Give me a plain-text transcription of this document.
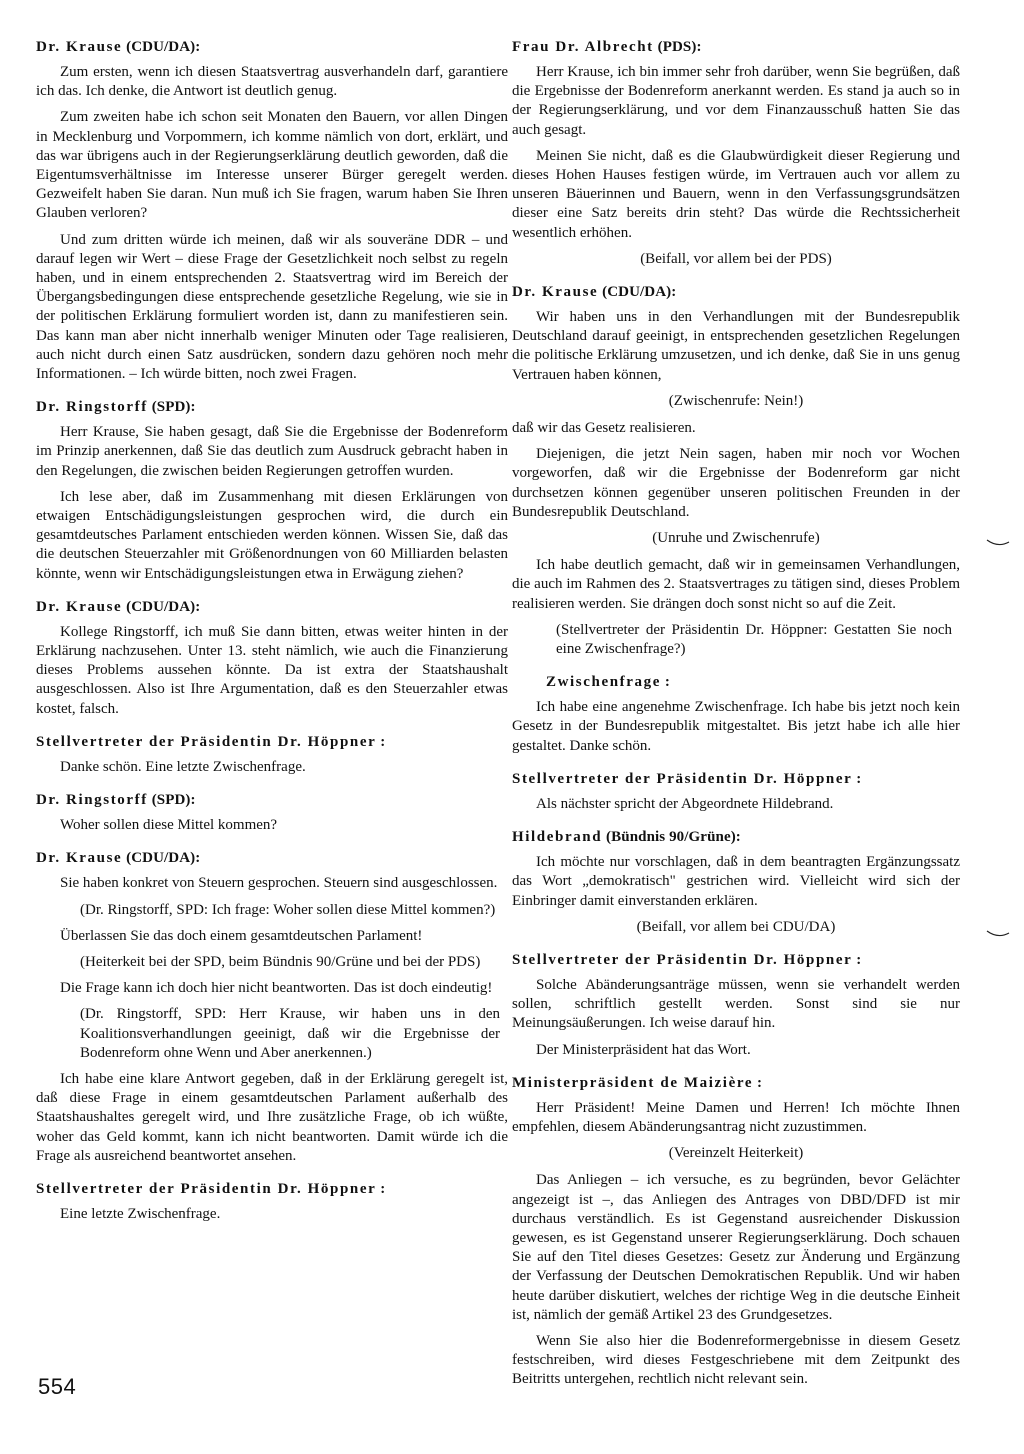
Dr. Krause (CDU/DA):
Zum ersten, wenn ich diesen Staatsvertrag ausverhandeln darf, garantiere ich das. Ich denke, die Antwort ist deutlich genug.
Zum zweiten habe ich schon seit Monaten den Bauern, vor allen Dingen in Mecklenburg und Vorpommern, ich komme nämlich von dort, erklärt, und das war übrigens auch in der Regierungserklärung deutlich geworden, daß die Eigentumsverhältnisse im Interesse unserer Bürger geregelt werden. Gezweifelt haben Sie daran. Nun muß ich Sie fragen, warum haben Sie Ihren Glauben verloren?
Und zum dritten würde ich meinen, daß wir als souveräne DDR – und darauf legen wir Wert – diese Frage der Gesetzlichkeit noch selbst zu regeln haben, und in einem entsprechenden 2. Staatsvertrag wird im Bereich der Übergangsbedingungen diese entsprechende gesetzliche Regelung, wie sie in der politischen Erklärung formuliert worden ist, dann zu manifestieren sein. Das kann man aber nicht innerhalb weniger Minuten oder Tage realisieren, auch nicht durch einen Satz ausdrücken, sondern dazu gehören noch mehr Informationen. – Ich würde bitten, noch zwei Fragen.
Dr. Ringstorff (SPD):
Herr Krause, Sie haben gesagt, daß Sie die Ergebnisse der Bodenreform im Prinzip anerkennen, daß Sie das deutlich zum Ausdruck gebracht haben in den Regelungen, die zwischen beiden Regierungen getroffen wurden.
Ich lese aber, daß im Zusammenhang mit diesen Erklärungen von etwaigen Entschädigungsleistungen gesprochen wird, die durch ein gesamtdeutsches Parlament entschieden werden können. Wissen Sie, daß das die deutschen Steuerzahler mit Größenordnungen von 60 Milliarden belasten könnte, wenn wir Entschädigungsleistungen etwa in Erwägung ziehen?
Dr. Krause (CDU/DA):
Kollege Ringstorff, ich muß Sie dann bitten, etwas weiter hinten in der Erklärung nachzusehen. Unter 13. steht nämlich, wie auch die Finanzierung dieses Problems aussehen könnte. Da ist extra der Staatshaushalt ausgeschlossen. Also ist Ihre Argumentation, daß es den Steuerzahler etwas kostet, falsch.
Stellvertreter der Präsidentin Dr. Höppner :
Danke schön. Eine letzte Zwischenfrage.
Dr. Ringstorff (SPD):
Woher sollen diese Mittel kommen?
Dr. Krause (CDU/DA):
Sie haben konkret von Steuern gesprochen. Steuern sind ausgeschlossen.
(Dr. Ringstorff, SPD: Ich frage: Woher sollen diese Mittel kommen?)
Überlassen Sie das doch einem gesamtdeutschen Parlament!
(Heiterkeit bei der SPD, beim Bündnis 90/Grüne und bei der PDS)
Die Frage kann ich doch hier nicht beantworten. Das ist doch eindeutig!
(Dr. Ringstorff, SPD: Herr Krause, wir haben uns in den Koalitionsverhandlungen geeinigt, daß wir die Ergebnisse der Bodenreform ohne Wenn und Aber anerkennen.)
Ich habe eine klare Antwort gegeben, daß in der Erklärung geregelt ist, daß diese Frage in einem gesamtdeutschen Parlament außerhalb des Staatshaushaltes geregelt wird, und Ihre zusätzliche Frage, ob ich wüßte, woher das Geld kommt, kann ich nicht beantworten. Damit würde ich die Frage als ausreichend beantwortet ansehen.
Stellvertreter der Präsidentin Dr. Höppner :
Eine letzte Zwischenfrage.
Frau Dr. Albrecht (PDS):
Herr Krause, ich bin immer sehr froh darüber, wenn Sie begrüßen, daß die Ergebnisse der Bodenreform anerkannt werden. Es stand ja auch so in der Regierungserklärung, und vor dem Finanzausschuß hatten Sie das auch gesagt.
Meinen Sie nicht, daß es die Glaubwürdigkeit dieser Regierung und dieses Hohen Hauses festigen würde, im Vertrauen auch vor allem zu unseren Bäuerinnen und Bauern, wenn in den Verfassungsgrundsätzen dieser eine Satz bereits drin steht? Das würde die Rechtssicherheit wesentlich erhöhen.
(Beifall, vor allem bei der PDS)
Dr. Krause (CDU/DA):
Wir haben uns in den Verhandlungen mit der Bundesrepublik Deutschland darauf geeinigt, in entsprechenden gesetzlichen Regelungen die politische Erklärung umzusetzen, und ich denke, daß Sie in uns genug Vertrauen haben können,
(Zwischenrufe: Nein!)
daß wir das Gesetz realisieren.
Diejenigen, die jetzt Nein sagen, haben mir noch vor Wochen vorgeworfen, daß wir die Ergebnisse der Bodenreform gar nicht durchsetzen können gegenüber unseren politischen Freunden in der Bundesrepublik Deutschland.
(Unruhe und Zwischenrufe)
Ich habe deutlich gemacht, daß wir in gemeinsamen Verhandlungen, die auch im Rahmen des 2. Staatsvertrages zu tätigen sind, dieses Problem realisieren werden. Sie drängen doch sonst nicht so auf die Zeit.
(Stellvertreter der Präsidentin Dr. Höppner: Gestatten Sie noch eine Zwischenfrage?)
Zwischenfrage :
Ich habe eine angenehme Zwischenfrage. Ich habe bis jetzt noch kein Gesetz in der Bundesrepublik mitgestaltet. Bis jetzt habe ich alle hier gestaltet. Danke schön.
Stellvertreter der Präsidentin Dr. Höppner :
Als nächster spricht der Abgeordnete Hildebrand.
Hildebrand (Bündnis 90/Grüne):
Ich möchte nur vorschlagen, daß in dem beantragten Ergänzungssatz das Wort „demokratisch" gestrichen wird. Vielleicht wird sich der Einbringer damit einverstanden erklären.
(Beifall, vor allem bei CDU/DA)
Stellvertreter der Präsidentin Dr. Höppner :
Solche Abänderungsanträge müssen, wenn sie verhandelt werden sollen, schriftlich gestellt werden. Sonst sind sie nur Meinungsäußerungen. Ich weise darauf hin.
Der Ministerpräsident hat das Wort.
Ministerpräsident de Maizière :
Herr Präsident! Meine Damen und Herren! Ich möchte Ihnen empfehlen, diesem Abänderungsantrag nicht zuzustimmen.
(Vereinzelt Heiterkeit)
Das Anliegen – ich versuche, es zu begründen, bevor Gelächter angezeigt ist –, das Anliegen des Antrages von DBD/DFD ist mir durchaus verständlich. Es ist Gegenstand ausreichender Diskussion gewesen, es ist Gegenstand unserer Regierungserklärung. Doch schauen Sie auf den Titel dieses Gesetzes: Gesetz zur Änderung und Ergänzung der Verfassung der Deutschen Demokratischen Republik. Und wir haben heute darüber diskutiert, welches der richtige Weg in die deutsche Einheit ist, nämlich der gemäß Artikel 23 des Grundgesetzes.
Wenn Sie also hier die Bodenreformergebnisse in diesem Gesetz festschreiben, wird dieses Festgeschriebene mit dem Zeitpunkt des Beitritts untergehen, rechtlich nicht relevant sein.
554
